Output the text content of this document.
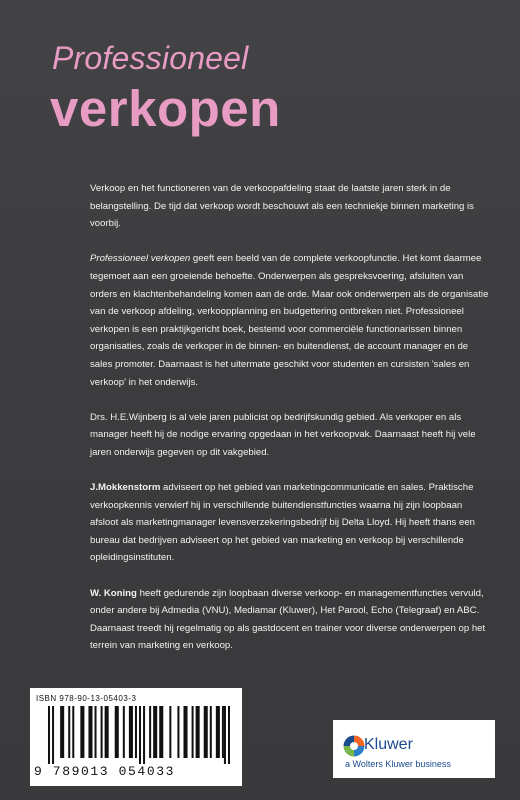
Professioneel
verkopen

Verkoop en het functioneren van de verkoopafdeling staat de laatste jaren sterk in de belangstelling. De tijd dat verkoop wordt beschouwt als een techniekje binnen marketing is voorbij.

Professioneel verkopen geeft een beeld van de complete verkoopfunctie. Het komt daarmee tegemoet aan een groeiende behoefte. Onderwerpen als gespreksvoering, afsluiten van orders en klachtenbehandeling komen aan de orde. Maar ook onderwerpen als de organisatie van de verkoop afdeling, verkoopplanning en budgettering ontbreken niet. Professioneel verkopen is een praktijkgericht boek, bestemd voor commerciële functionarissen binnen organisaties, zoals de verkoper in de binnen- en buitendienst, de account manager en de sales promoter. Daarnaast is het uitermate geschikt voor studenten en cursisten 'sales en verkoop' in het onderwijs.

Drs. H.E.Wijnberg is al vele jaren publicist op bedrijfskundig gebied. Als verkoper en als manager heeft hij de nodige ervaring opgedaan in het verkoopvak. Daarnaast heeft hij vele jaren onderwijs gegeven op dit vakgebied.

J.Mokkenstorm adviseert op het gebied van marketingcommunicatie en sales. Praktische verkoopkennis verwierf hij in verschillende buitendienstfuncties waarna hij zijn loopbaan afsloot als marketingmanager levensverzekeringsbedrijf bij Delta Lloyd. Hij heeft thans een bureau dat bedrijven adviseert op het gebied van marketing en verkoop bij verschillende opleidingsinstituten.

W. Koning heeft gedurende zijn loopbaan diverse verkoop- en managementfuncties vervuld, onder andere bij Admedia (VNU), Mediamar (Kluwer), Het Parool, Echo (Telegraaf) en ABC. Daarnaast treedt hij regelmatig op als gastdocent en trainer voor diverse onderwerpen op het terrein van marketing en verkoop.

ISBN 978-90-13-05403-3
9 789013 054033
Kluwer
a Wolters Kluwer business
